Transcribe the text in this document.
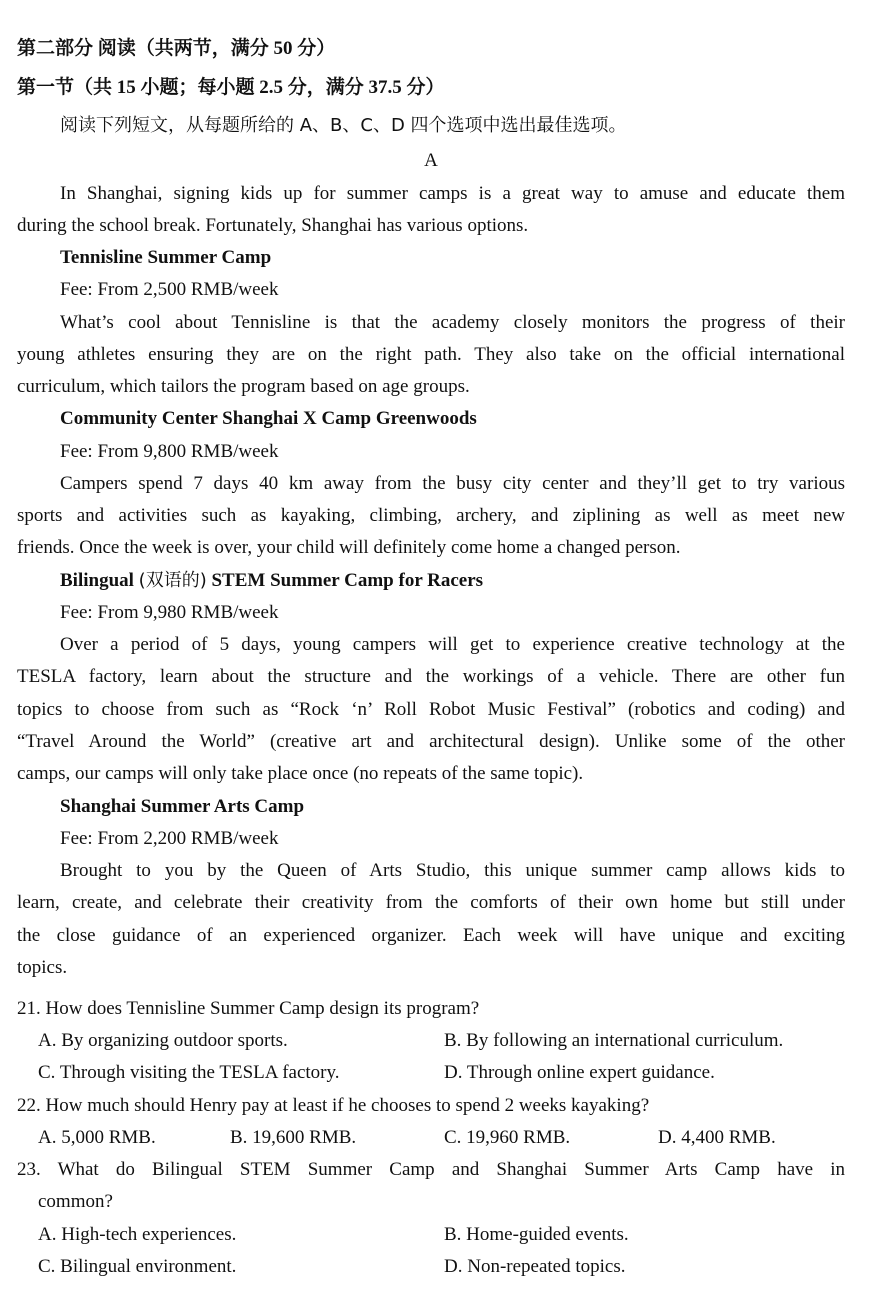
第二部分 阅读（共两节，满分 50 分）
第一节（共 15 小题；每小题 2.5 分，满分 37.5 分）
阅读下列短文，从每题所给的 A、B、C、D 四个选项中选出最佳选项。
A
In Shanghai, signing kids up for summer camps is a great way to amuse and educate them
during the school break. Fortunately, Shanghai has various options.
Tennisline Summer Camp
Fee: From 2,500 RMB/week
What’s cool about Tennisline is that the academy closely monitors the progress of their
young athletes ensuring they are on the right path. They also take on the official international
curriculum, which tailors the program based on age groups.
Community Center Shanghai X Camp Greenwoods
Fee: From 9,800 RMB/week
Campers spend 7 days 40 km away from the busy city center and they’ll get to try various
sports and activities such as kayaking, climbing, archery, and ziplining as well as meet new
friends. Once the week is over, your child will definitely come home a changed person.
Bilingual (双语的) STEM Summer Camp for Racers
Fee: From 9,980 RMB/week
Over a period of 5 days, young campers will get to experience creative technology at the
TESLA factory, learn about the structure and the workings of a vehicle. There are other fun
topics to choose from such as “Rock ‘n’ Roll Robot Music Festival” (robotics and coding) and
“Travel Around the World” (creative art and architectural design). Unlike some of the other
camps, our camps will only take place once (no repeats of the same topic).
Shanghai Summer Arts Camp
Fee: From 2,200 RMB/week
Brought to you by the Queen of Arts Studio, this unique summer camp allows kids to
learn, create, and celebrate their creativity from the comforts of their own home but still under
the close guidance of an experienced organizer. Each week will have unique and exciting
topics.
21. How does Tennisline Summer Camp design its program?
A. By organizing outdoor sports.	B. By following an international curriculum.
C. Through visiting the TESLA factory.	D. Through online expert guidance.
22. How much should Henry pay at least if he chooses to spend 2 weeks kayaking?
A. 5,000 RMB.	B. 19,600 RMB.	C. 19,960 RMB.	D. 4,400 RMB.
23. What do Bilingual STEM Summer Camp and Shanghai Summer Arts Camp have in
common?
A. High-tech experiences.	B. Home-guided events.
C. Bilingual environment.	D. Non-repeated topics.
